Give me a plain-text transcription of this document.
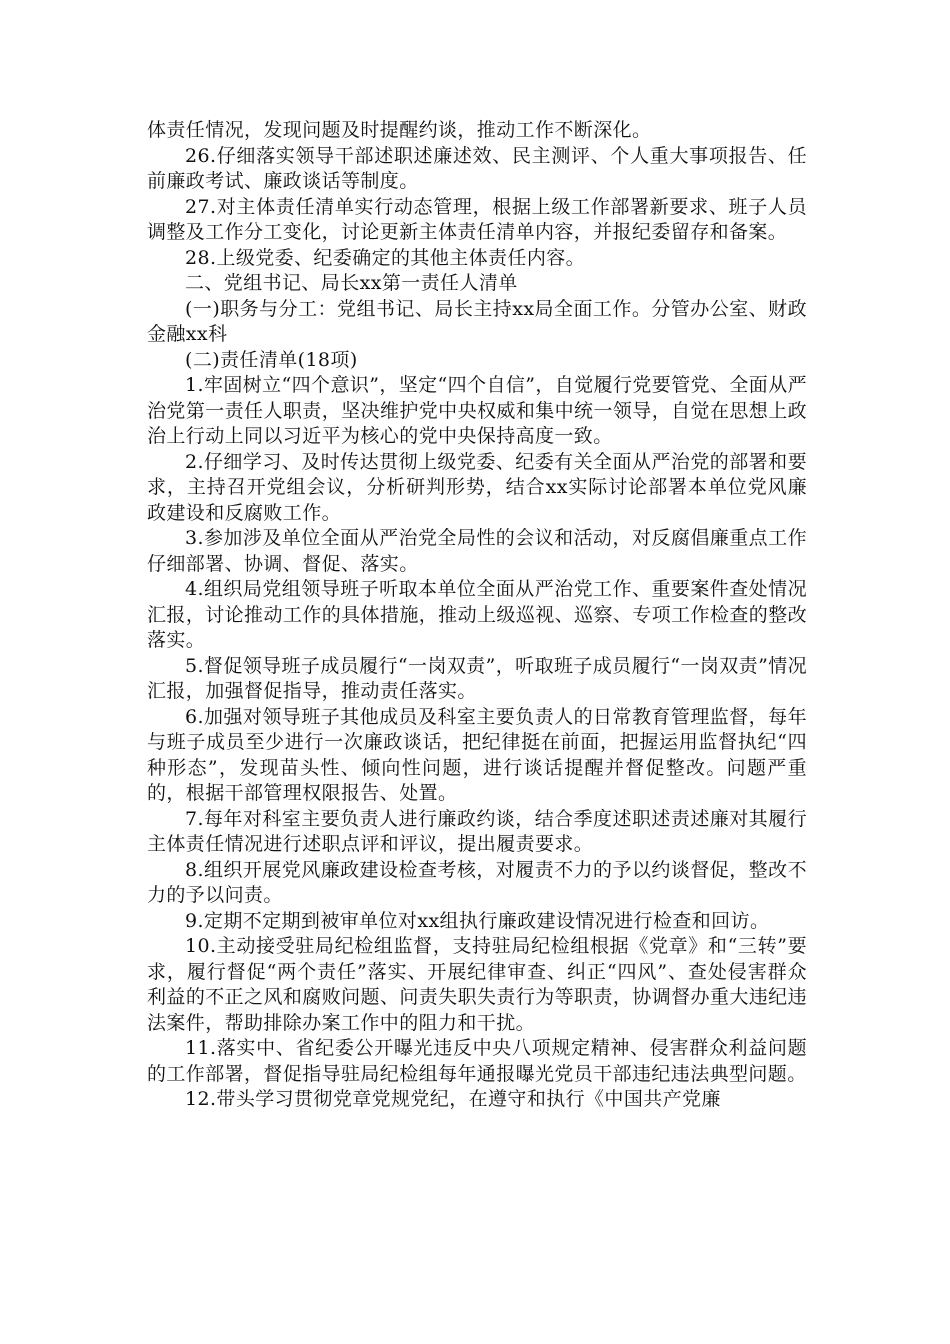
体责任情况，发现问题及时提醒约谈，推动工作不断深化。

26.仔细落实领导干部述职述廉述效、民主测评、个人重大事项报告、任前廉政考试、廉政谈话等制度。

27.对主体责任清单实行动态管理，根据上级工作部署新要求、班子人员调整及工作分工变化，讨论更新主体责任清单内容，并报纪委留存和备案。

28.上级党委、纪委确定的其他主体责任内容。

二、党组书记、局长xx第一责任人清单

(一)职务与分工：党组书记、局长主持xx局全面工作。分管办公室、财政金融xx科

(二)责任清单(18项)

1.牢固树立“四个意识”，坚定“四个自信”，自觉履行党要管党、全面从严治党第一责任人职责，坚决维护党中央权威和集中统一领导，自觉在思想上政治上行动上同以习近平为核心的党中央保持高度一致。

2.仔细学习、及时传达贯彻上级党委、纪委有关全面从严治党的部署和要求，主持召开党组会议，分析研判形势，结合xx实际讨论部署本单位党风廉政建设和反腐败工作。

3.参加涉及单位全面从严治党全局性的会议和活动，对反腐倡廉重点工作仔细部署、协调、督促、落实。

4.组织局党组领导班子听取本单位全面从严治党工作、重要案件查处情况汇报，讨论推动工作的具体措施，推动上级巡视、巡察、专项工作检查的整改落实。

5.督促领导班子成员履行“一岗双责”，听取班子成员履行“一岗双责”情况汇报，加强督促指导，推动责任落实。

6.加强对领导班子其他成员及科室主要负责人的日常教育管理监督，每年与班子成员至少进行一次廉政谈话，把纪律挺在前面，把握运用监督执纪“四种形态”，发现苗头性、倾向性问题，进行谈话提醒并督促整改。问题严重的，根据干部管理权限报告、处置。

7.每年对科室主要负责人进行廉政约谈，结合季度述职述责述廉对其履行主体责任情况进行述职点评和评议，提出履责要求。

8.组织开展党风廉政建设检查考核，对履责不力的予以约谈督促，整改不力的予以问责。

9.定期不定期到被审单位对xx组执行廉政建设情况进行检查和回访。

10.主动接受驻局纪检组监督，支持驻局纪检组根据《党章》和“三转”要求，履行督促“两个责任”落实、开展纪律审查、纠正“四风”、查处侵害群众利益的不正之风和腐败问题、问责失职失责行为等职责，协调督办重大违纪违法案件，帮助排除办案工作中的阻力和干扰。

11.落实中、省纪委公开曝光违反中央八项规定精神、侵害群众利益问题的工作部署，督促指导驻局纪检组每年通报曝光党员干部违纪违法典型问题。

12.带头学习贯彻党章党规党纪，在遵守和执行《中国共产党廉
